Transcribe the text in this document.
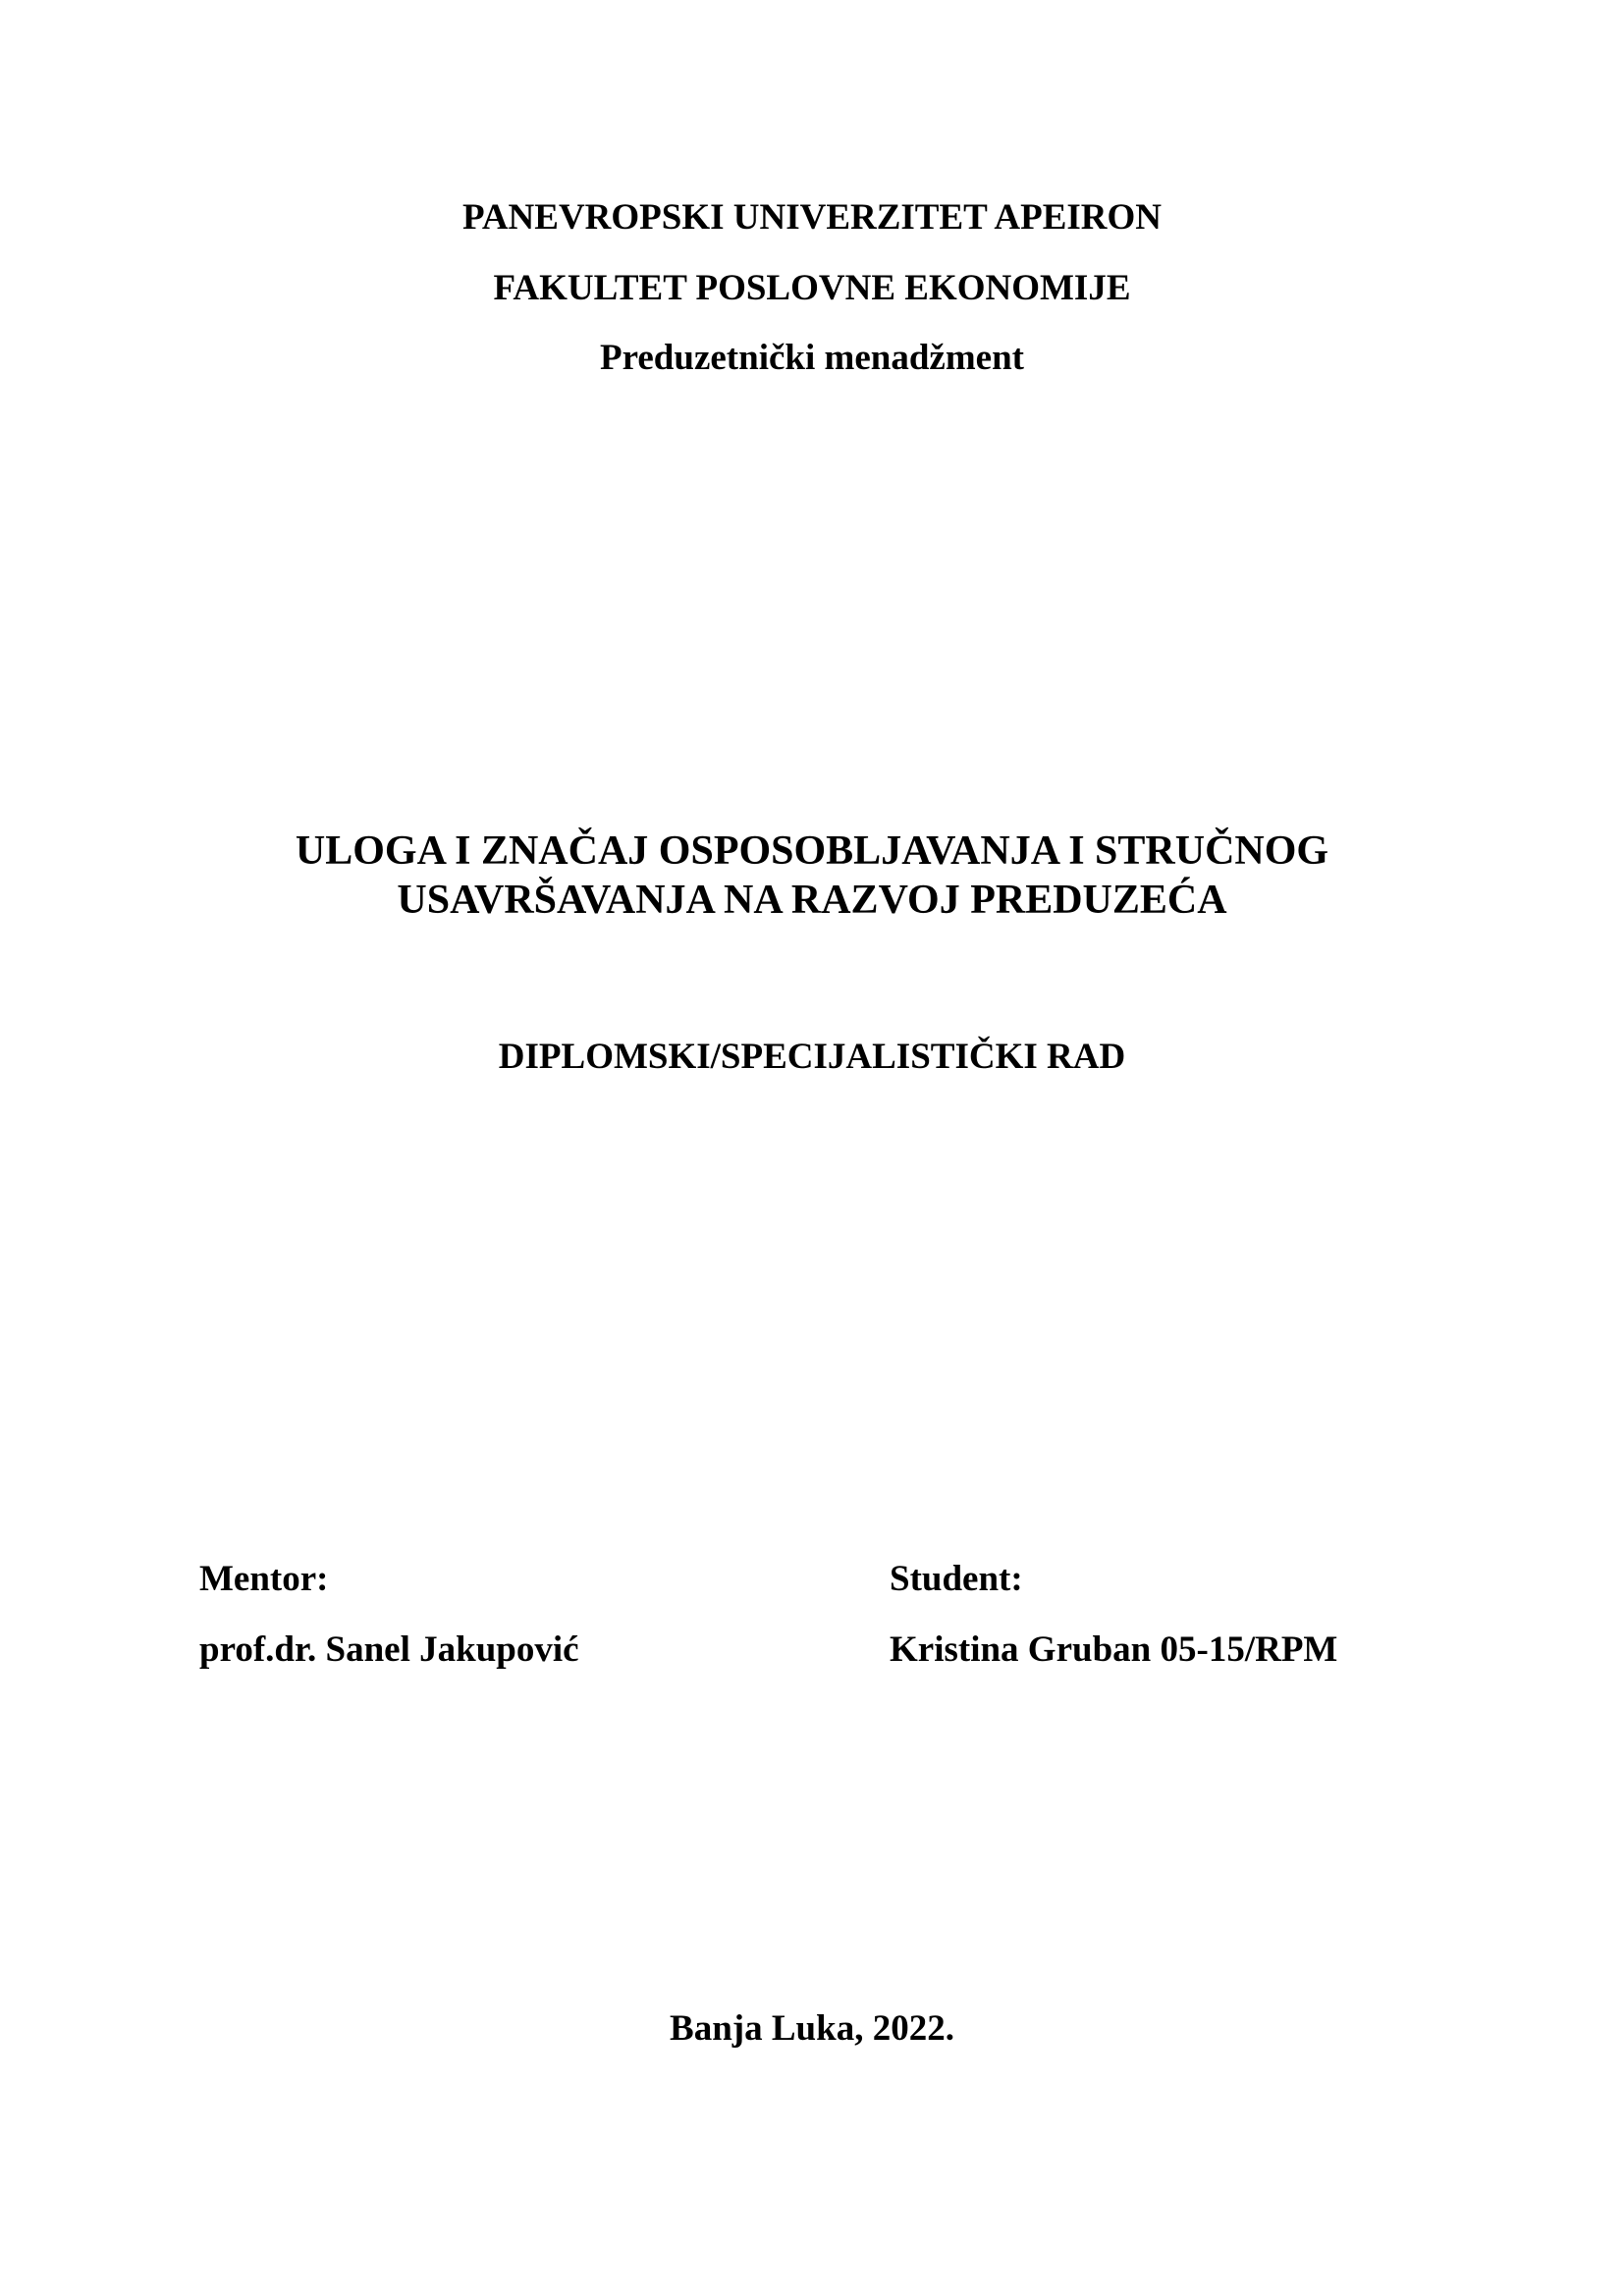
PANEVROPSKI UNIVERZITET APEIRON
FAKULTET POSLOVNE EKONOMIJE
Preduzetnički menadžment
ULOGA I ZNAČAJ OSPOSOBLJAVANJA I STRUČNOG
USAVRŠAVANJA NA RAZVOJ PREDUZEĆA
DIPLOMSKI/SPECIJALISTIČKI RAD
Mentor:
prof.dr. Sanel Jakupović
Student:
Kristina Gruban 05-15/RPM
Banja Luka, 2022.
